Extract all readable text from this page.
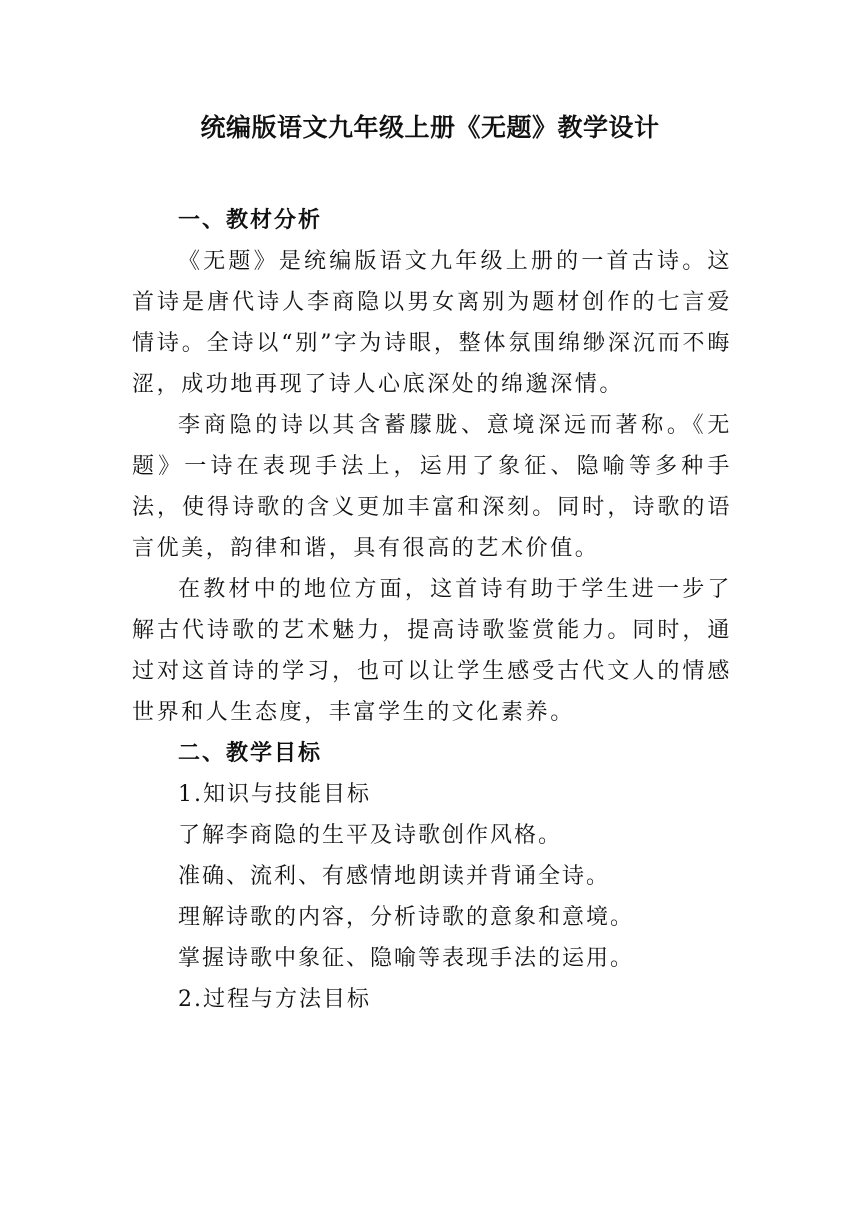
统编版语文九年级上册《无题》教学设计

一、教材分析

《无题》是统编版语文九年级上册的一首古诗。这首诗是唐代诗人李商隐以男女离别为题材创作的七言爱情诗。全诗以“别”字为诗眼，整体氛围绵缈深沉而不晦涩，成功地再现了诗人心底深处的绵邈深情。

李商隐的诗以其含蓄朦胧、意境深远而著称。《无题》一诗在表现手法上，运用了象征、隐喻等多种手法，使得诗歌的含义更加丰富和深刻。同时，诗歌的语言优美，韵律和谐，具有很高的艺术价值。

在教材中的地位方面，这首诗有助于学生进一步了解古代诗歌的艺术魅力，提高诗歌鉴赏能力。同时，通过对这首诗的学习，也可以让学生感受古代文人的情感世界和人生态度，丰富学生的文化素养。

二、教学目标

1.知识与技能目标

了解李商隐的生平及诗歌创作风格。

准确、流利、有感情地朗读并背诵全诗。

理解诗歌的内容，分析诗歌的意象和意境。

掌握诗歌中象征、隐喻等表现手法的运用。

2.过程与方法目标
